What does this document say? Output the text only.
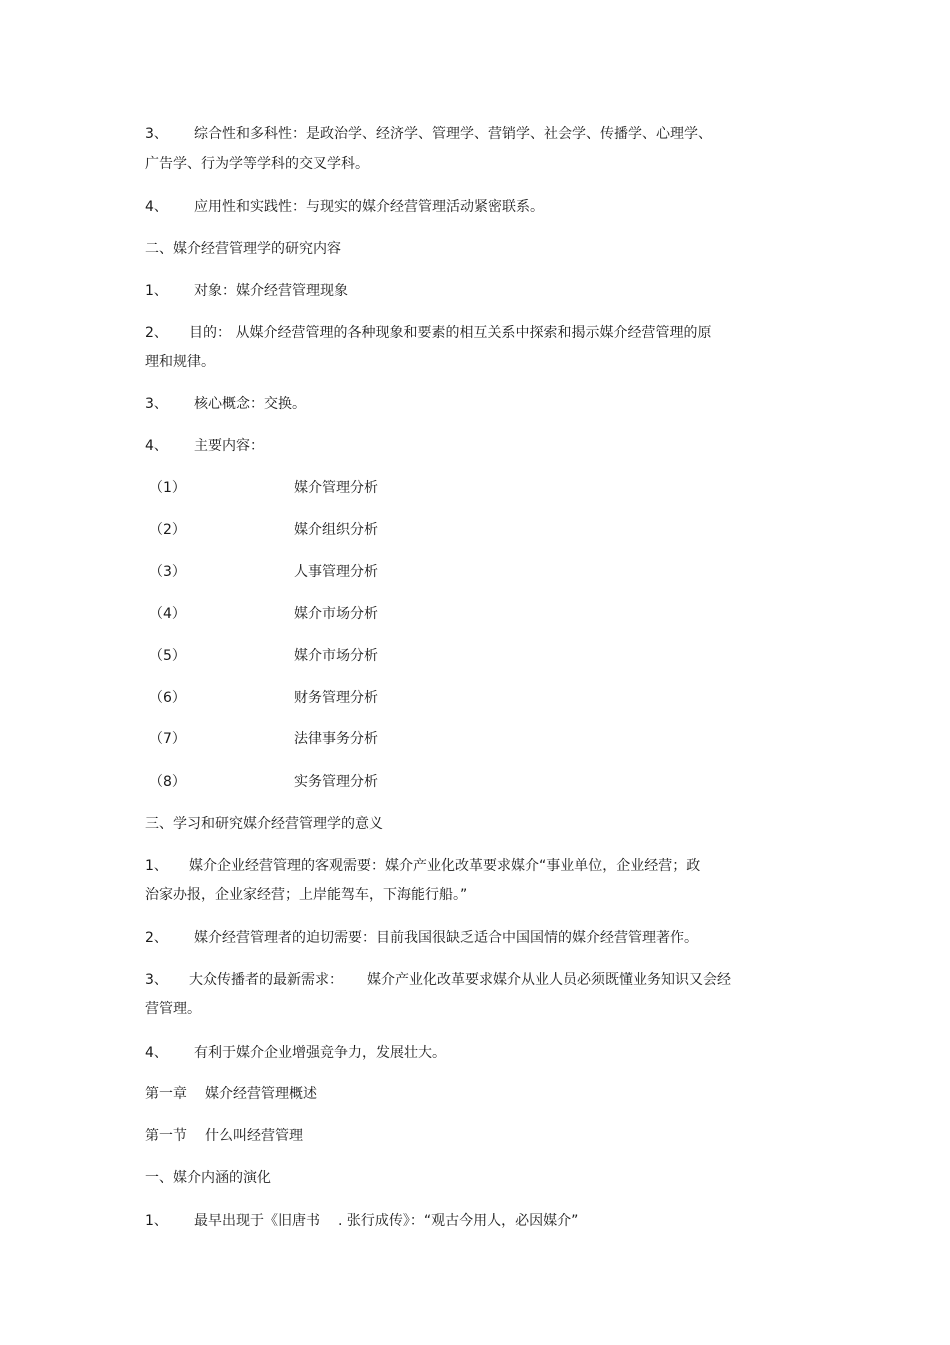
3、 综合性和多科性：是政治学、经济学、管理学、营销学、社会学、传播学、心理学、
广告学、行为学等学科的交叉学科。
4、 应用性和实践性：与现实的媒介经营管理活动紧密联系。
二、媒介经营管理学的研究内容
1、 对象：媒介经营管理现象
2、 目的： 从媒介经营管理的各种现象和要素的相互关系中探索和揭示媒介经营管理的原
理和规律。
3、 核心概念：交换。
4、 主要内容：
（1）	媒介管理分析
（2）	媒介组织分析
（3）	人事管理分析
（4）	媒介市场分析
（5）	媒介市场分析
（6）	财务管理分析
（7）	法律事务分析
（8）	实务管理分析
三、学习和研究媒介经营管理学的意义
1、 媒介企业经营管理的客观需要：媒介产业化改革要求媒介“事业单位，企业经营；政
治家办报，企业家经营；上岸能驾车，下海能行船。”
2、 媒介经营管理者的迫切需要：目前我国很缺乏适合中国国情的媒介经营管理著作。
3、 大众传播者的最新需求： 媒介产业化改革要求媒介从业人员必须既懂业务知识又会经
营管理。
4、 有利于媒介企业增强竞争力，发展壮大。
第一章 媒介经营管理概述
第一节 什么叫经营管理
一、媒介内涵的演化
1、 最早出现于《旧唐书 . 张行成传》：“观古今用人，必因媒介”
